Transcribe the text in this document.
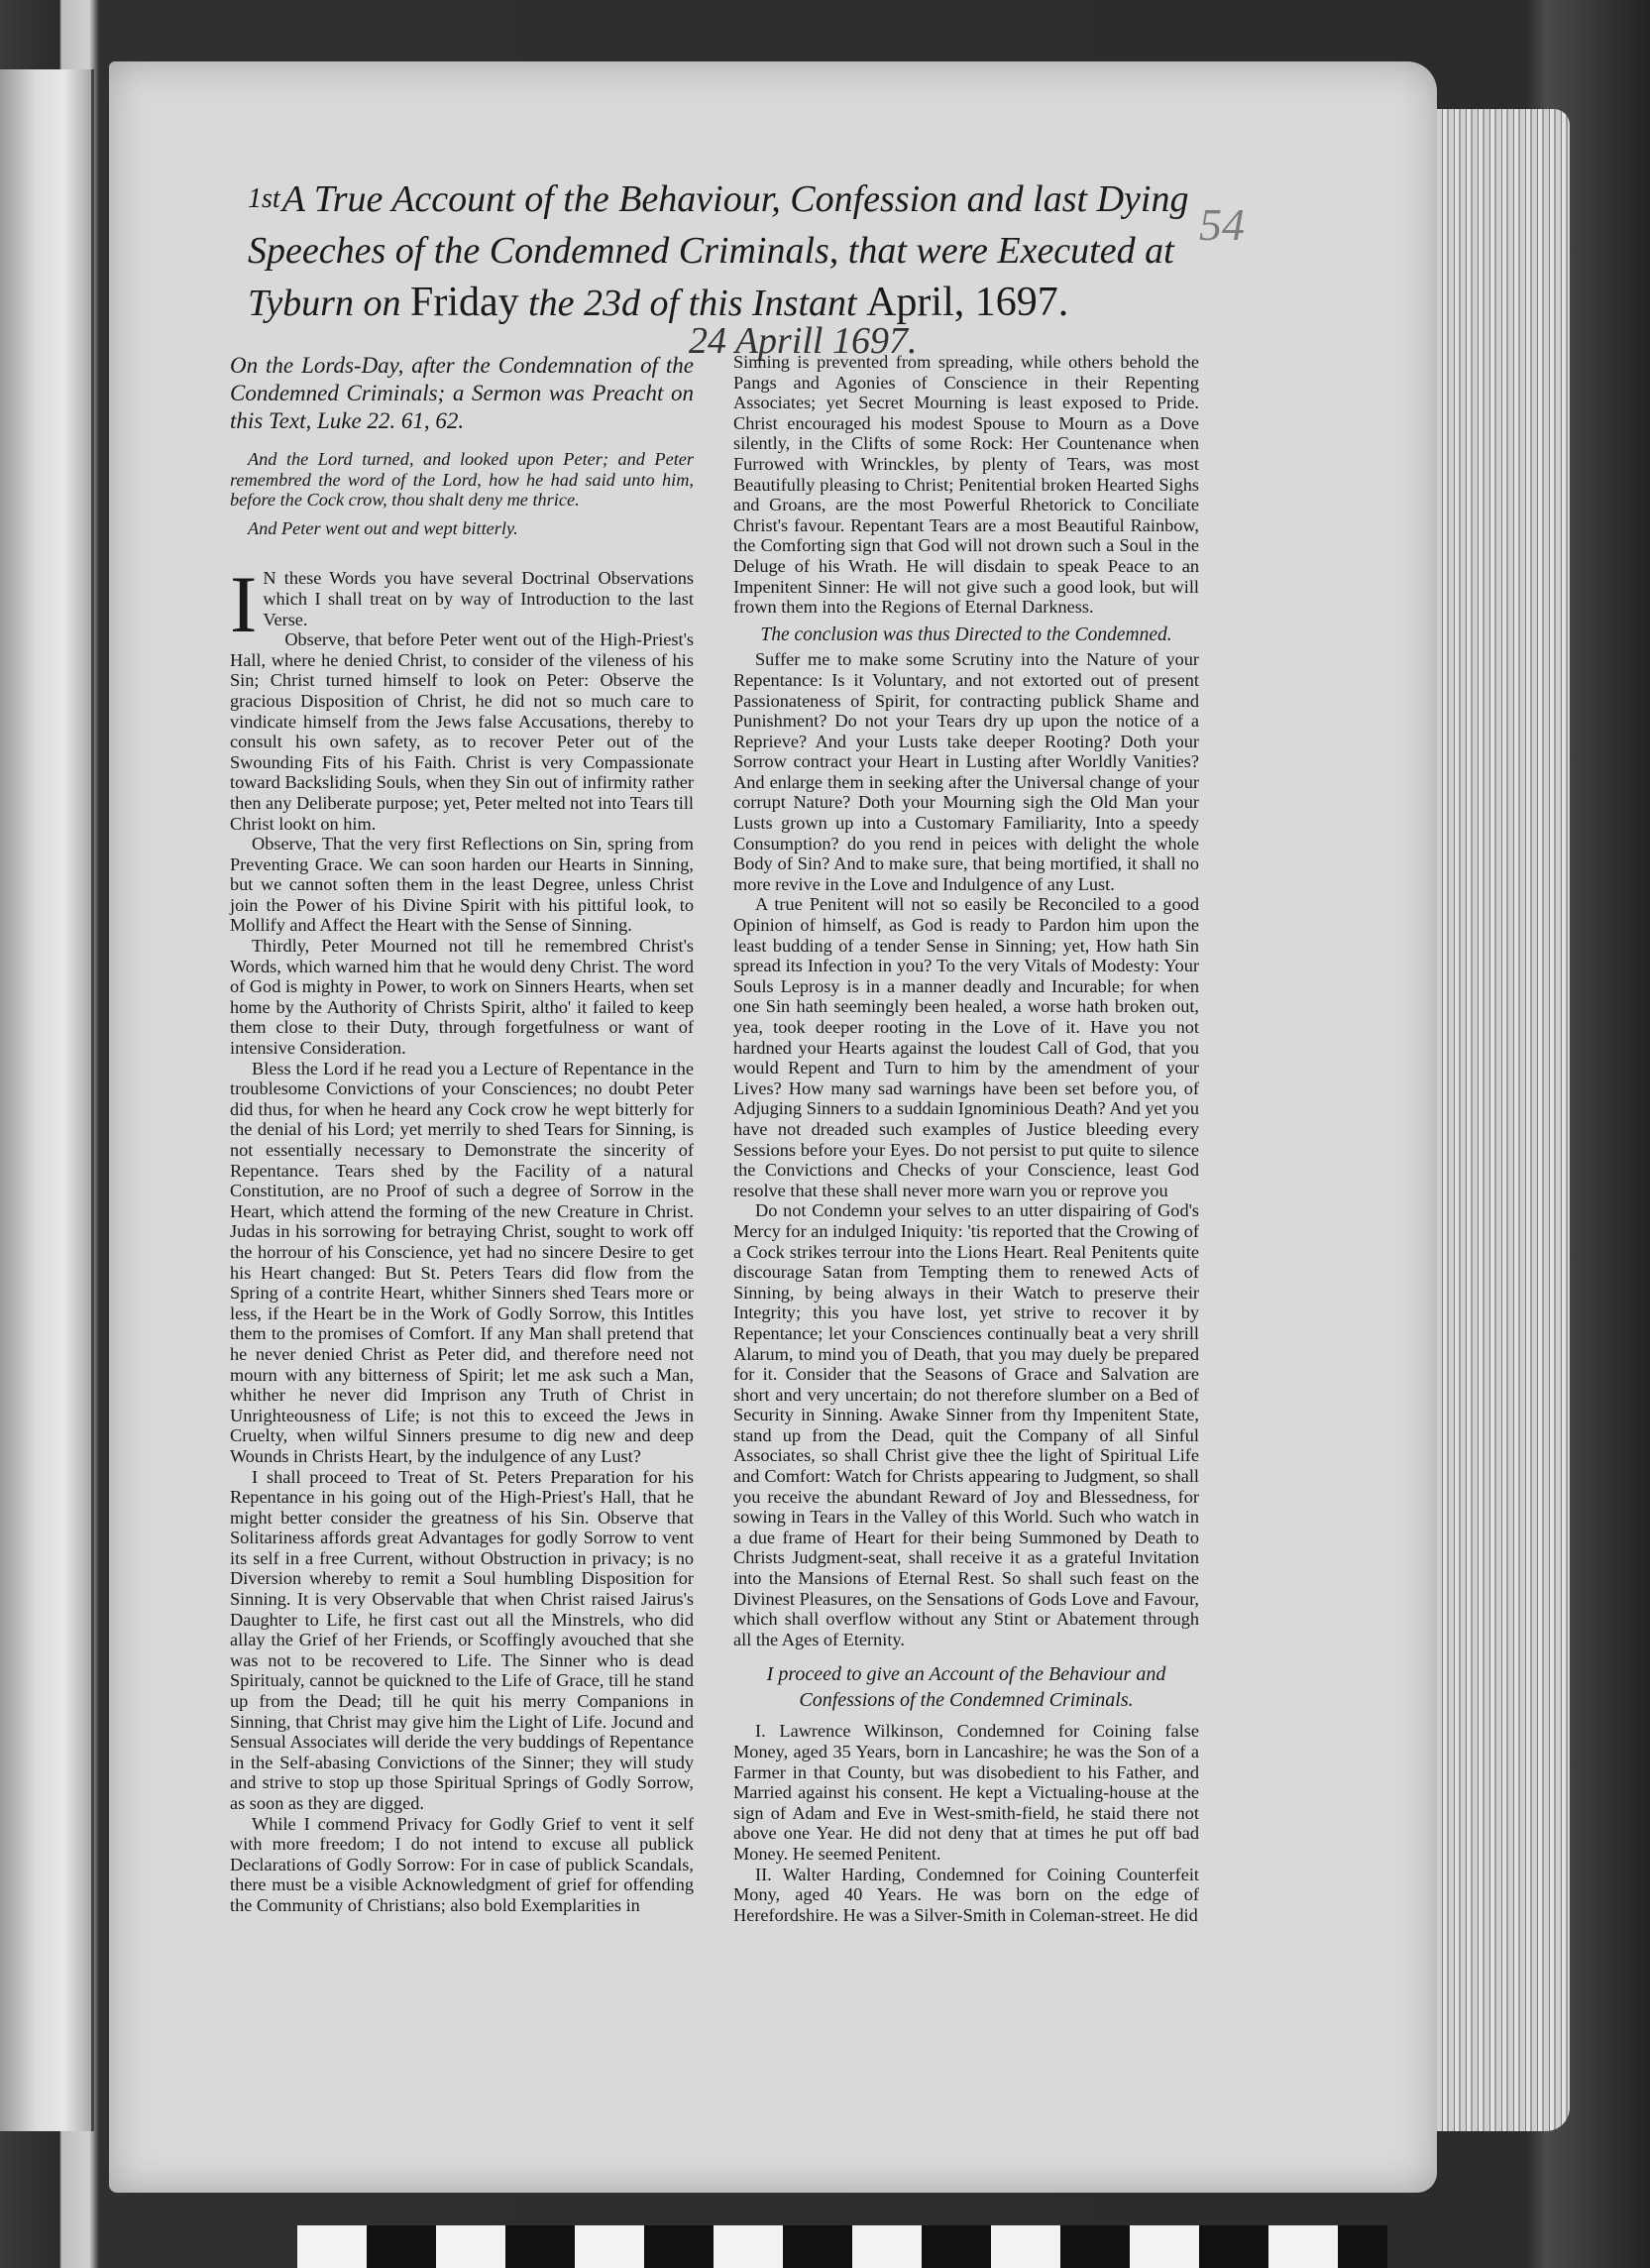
54
$^{1st}$A True Account of the Behaviour, Confession and last Dying Speeches of the Condemned Criminals, that were Executed at Tyburn on Friday the 23d of this Instant April, 1697.
24 Aprill 1697.

On the Lords-Day, after the Condemnation of the Condemned Criminals; a Sermon was Preacht on this Text, Luke 22. 61, 62.

And the Lord turned, and looked upon Peter; and Peter remembred the word of the Lord, how he had said unto him, before the Cock crow, thou shalt deny me thrice.

And Peter went out and wept bitterly.

I N these Words you have several Doctrinal Observations which I shall treat on by way of Introduction to the last Verse.

Observe, that before Peter went out of the High-Priest's Hall, where he denied Christ, to consider of the vileness of his Sin; Christ turned himself to look on Peter: Observe the gracious Disposition of Christ, he did not so much care to vindicate himself from the Jews false Accusations, thereby to consult his own safety, as to recover Peter out of the Swounding Fits of his Faith. Christ is very Compassionate toward Backsliding Souls, when they Sin out of infirmity rather then any Deliberate purpose; yet, Peter melted not into Tears till Christ lookt on him.

Observe, That the very first Reflections on Sin, spring from Preventing Grace. We can soon harden our Hearts in Sinning, but we cannot soften them in the least Degree, unless Christ join the Power of his Divine Spirit with his pittiful look, to Mollify and Affect the Heart with the Sense of Sinning.

Thirdly, Peter Mourned not till he remembred Christ's Words, which warned him that he would deny Christ. The word of God is mighty in Power, to work on Sinners Hearts, when set home by the Authority of Christs Spirit, altho' it failed to keep them close to their Duty, through forgetfulness or want of intensive Consideration.

Bless the Lord if he read you a Lecture of Repentance in the troublesome Convictions of your Consciences; no doubt Peter did thus, for when he heard any Cock crow he wept bitterly for the denial of his Lord; yet merrily to shed Tears for Sinning, is not essentially necessary to Demonstrate the sincerity of Repentance. Tears shed by the Facility of a natural Constitution, are no Proof of such a degree of Sorrow in the Heart, which attend the forming of the new Creature in Christ. Judas in his sorrowing for betraying Christ, sought to work off the horrour of his Conscience, yet had no sincere Desire to get his Heart changed: But St. Peters Tears did flow from the Spring of a contrite Heart, whither Sinners shed Tears more or less, if the Heart be in the Work of Godly Sorrow, this Intitles them to the promises of Comfort. If any Man shall pretend that he never denied Christ as Peter did, and therefore need not mourn with any bitterness of Spirit; let me ask such a Man, whither he never did Imprison any Truth of Christ in Unrighteousness of Life; is not this to exceed the Jews in Cruelty, when wilful Sinners presume to dig new and deep Wounds in Christs Heart, by the indulgence of any Lust?

I shall proceed to Treat of St. Peters Preparation for his Repentance in his going out of the High-Priest's Hall, that he might better consider the greatness of his Sin. Observe that Solitariness affords great Advantages for godly Sorrow to vent its self in a free Current, without Obstruction in privacy; is no Diversion whereby to remit a Soul humbling Disposition for Sinning. It is very Observable that when Christ raised Jairus's Daughter to Life, he first cast out all the Minstrels, who did allay the Grief of her Friends, or Scoffingly avouched that she was not to be recovered to Life. The Sinner who is dead Spiritualy, cannot be quickned to the Life of Grace, till he stand up from the Dead; till he quit his merry Companions in Sinning, that Christ may give him the Light of Life. Jocund and Sensual Associates will deride the very buddings of Repentance in the Self-abasing Convictions of the Sinner; they will study and strive to stop up those Spiritual Springs of Godly Sorrow, as soon as they are digged.

While I commend Privacy for Godly Grief to vent it self with more freedom; I do not intend to excuse all publick Declarations of Godly Sorrow: For in case of publick Scandals, there must be a visible Acknowledgment of grief for offending the Community of Christians; also bold Exemplarities in

Sinning is prevented from spreading, while others behold the Pangs and Agonies of Conscience in their Repenting Associates; yet Secret Mourning is least exposed to Pride. Christ encouraged his modest Spouse to Mourn as a Dove silently, in the Clifts of some Rock: Her Countenance when Furrowed with Wrinckles, by plenty of Tears, was most Beautifully pleasing to Christ; Penitential broken Hearted Sighs and Groans, are the most Powerful Rhetorick to Conciliate Christ's favour. Repentant Tears are a most Beautiful Rainbow, the Comforting sign that God will not drown such a Soul in the Deluge of his Wrath. He will disdain to speak Peace to an Impenitent Sinner: He will not give such a good look, but will frown them into the Regions of Eternal Darkness.

The conclusion was thus Directed to the Condemned.

Suffer me to make some Scrutiny into the Nature of your Repentance: Is it Voluntary, and not extorted out of present Passionateness of Spirit, for contracting publick Shame and Punishment? Do not your Tears dry up upon the notice of a Reprieve? And your Lusts take deeper Rooting? Doth your Sorrow contract your Heart in Lusting after Worldly Vanities? And enlarge them in seeking after the Universal change of your corrupt Nature? Doth your Mourning sigh the Old Man your Lusts grown up into a Customary Familiarity, Into a speedy Consumption? do you rend in peices with delight the whole Body of Sin? And to make sure, that being mortified, it shall no more revive in the Love and Indulgence of any Lust.

A true Penitent will not so easily be Reconciled to a good Opinion of himself, as God is ready to Pardon him upon the least budding of a tender Sense in Sinning; yet, How hath Sin spread its Infection in you? To the very Vitals of Modesty: Your Souls Leprosy is in a manner deadly and Incurable; for when one Sin hath seemingly been healed, a worse hath broken out, yea, took deeper rooting in the Love of it. Have you not hardned your Hearts against the loudest Call of God, that you would Repent and Turn to him by the amendment of your Lives? How many sad warnings have been set before you, of Adjuging Sinners to a suddain Ignominious Death? And yet you have not dreaded such examples of Justice bleeding every Sessions before your Eyes. Do not persist to put quite to silence the Convictions and Checks of your Conscience, least God resolve that these shall never more warn you or reprove you

Do not Condemn your selves to an utter dispairing of God's Mercy for an indulged Iniquity: 'tis reported that the Crowing of a Cock strikes terrour into the Lions Heart. Real Penitents quite discourage Satan from Tempting them to renewed Acts of Sinning, by being always in their Watch to preserve their Integrity; this you have lost, yet strive to recover it by Repentance; let your Consciences continually beat a very shrill Alarum, to mind you of Death, that you may duely be prepared for it. Consider that the Seasons of Grace and Salvation are short and very uncertain; do not therefore slumber on a Bed of Security in Sinning. Awake Sinner from thy Impenitent State, stand up from the Dead, quit the Company of all Sinful Associates, so shall Christ give thee the light of Spiritual Life and Comfort: Watch for Christs appearing to Judgment, so shall you receive the abundant Reward of Joy and Blessedness, for sowing in Tears in the Valley of this World. Such who watch in a due frame of Heart for their being Summoned by Death to Christs Judgment-seat, shall receive it as a grateful Invitation into the Mansions of Eternal Rest. So shall such feast on the Divinest Pleasures, on the Sensations of Gods Love and Favour, which shall overflow without any Stint or Abatement through all the Ages of Eternity.

I proceed to give an Account of the Behaviour and Confessions of the Condemned Criminals.

I. Lawrence Wilkinson, Condemned for Coining false Money, aged 35 Years, born in Lancashire; he was the Son of a Farmer in that County, but was disobedient to his Father, and Married against his consent. He kept a Victualing-house at the sign of Adam and Eve in West-smith-field, he staid there not above one Year. He did not deny that at times he put off bad Money. He seemed Penitent.

II. Walter Harding, Condemned for Coining Counterfeit Mony, aged 40 Years. He was born on the edge of Herefordshire. He was a Silver-Smith in Coleman-street. He did
